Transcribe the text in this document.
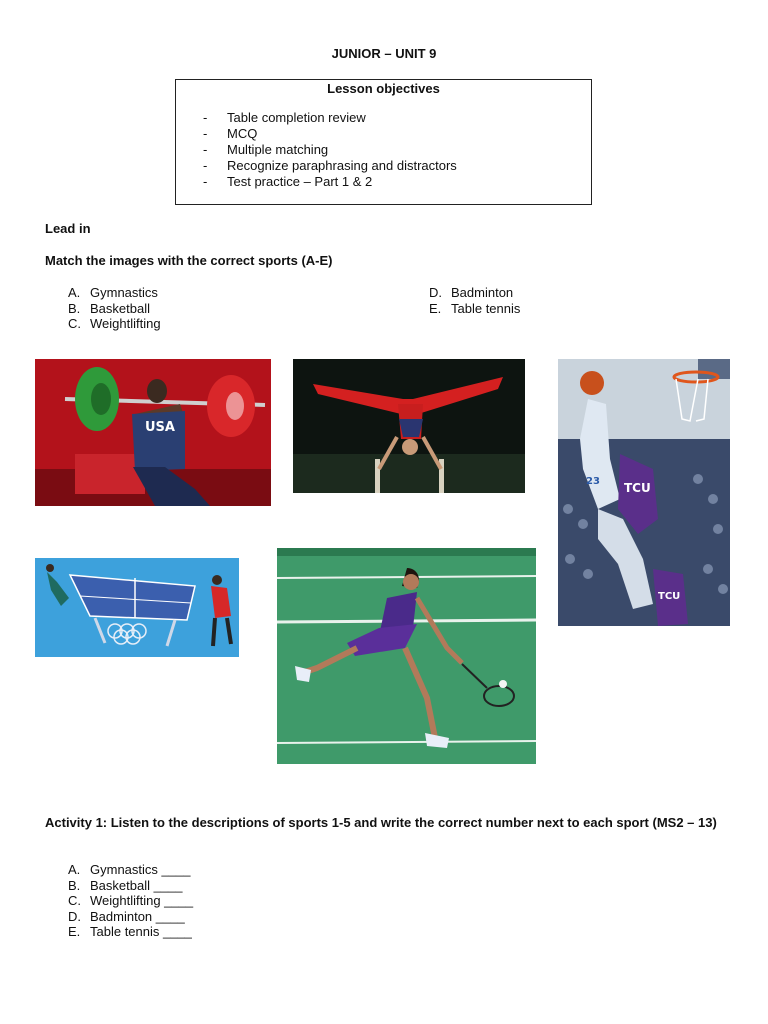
JUNIOR – UNIT 9
Lesson objectives
- Table completion review
- MCQ
- Multiple matching
- Recognize paraphrasing and distractors
- Test practice – Part 1 & 2
Lead in
Match the images with the correct sports (A-E)
A. Gymnastics
B. Basketball
C. Weightlifting
D. Badminton
E. Table tennis
USA
23 TCU
TCU
Activity 1: Listen to the descriptions of sports 1-5 and write the correct number next to each sport (MS2 – 13)
A. Gymnastics ____
B. Basketball ____
C. Weightlifting ____
D. Badminton ____
E. Table tennis ____
